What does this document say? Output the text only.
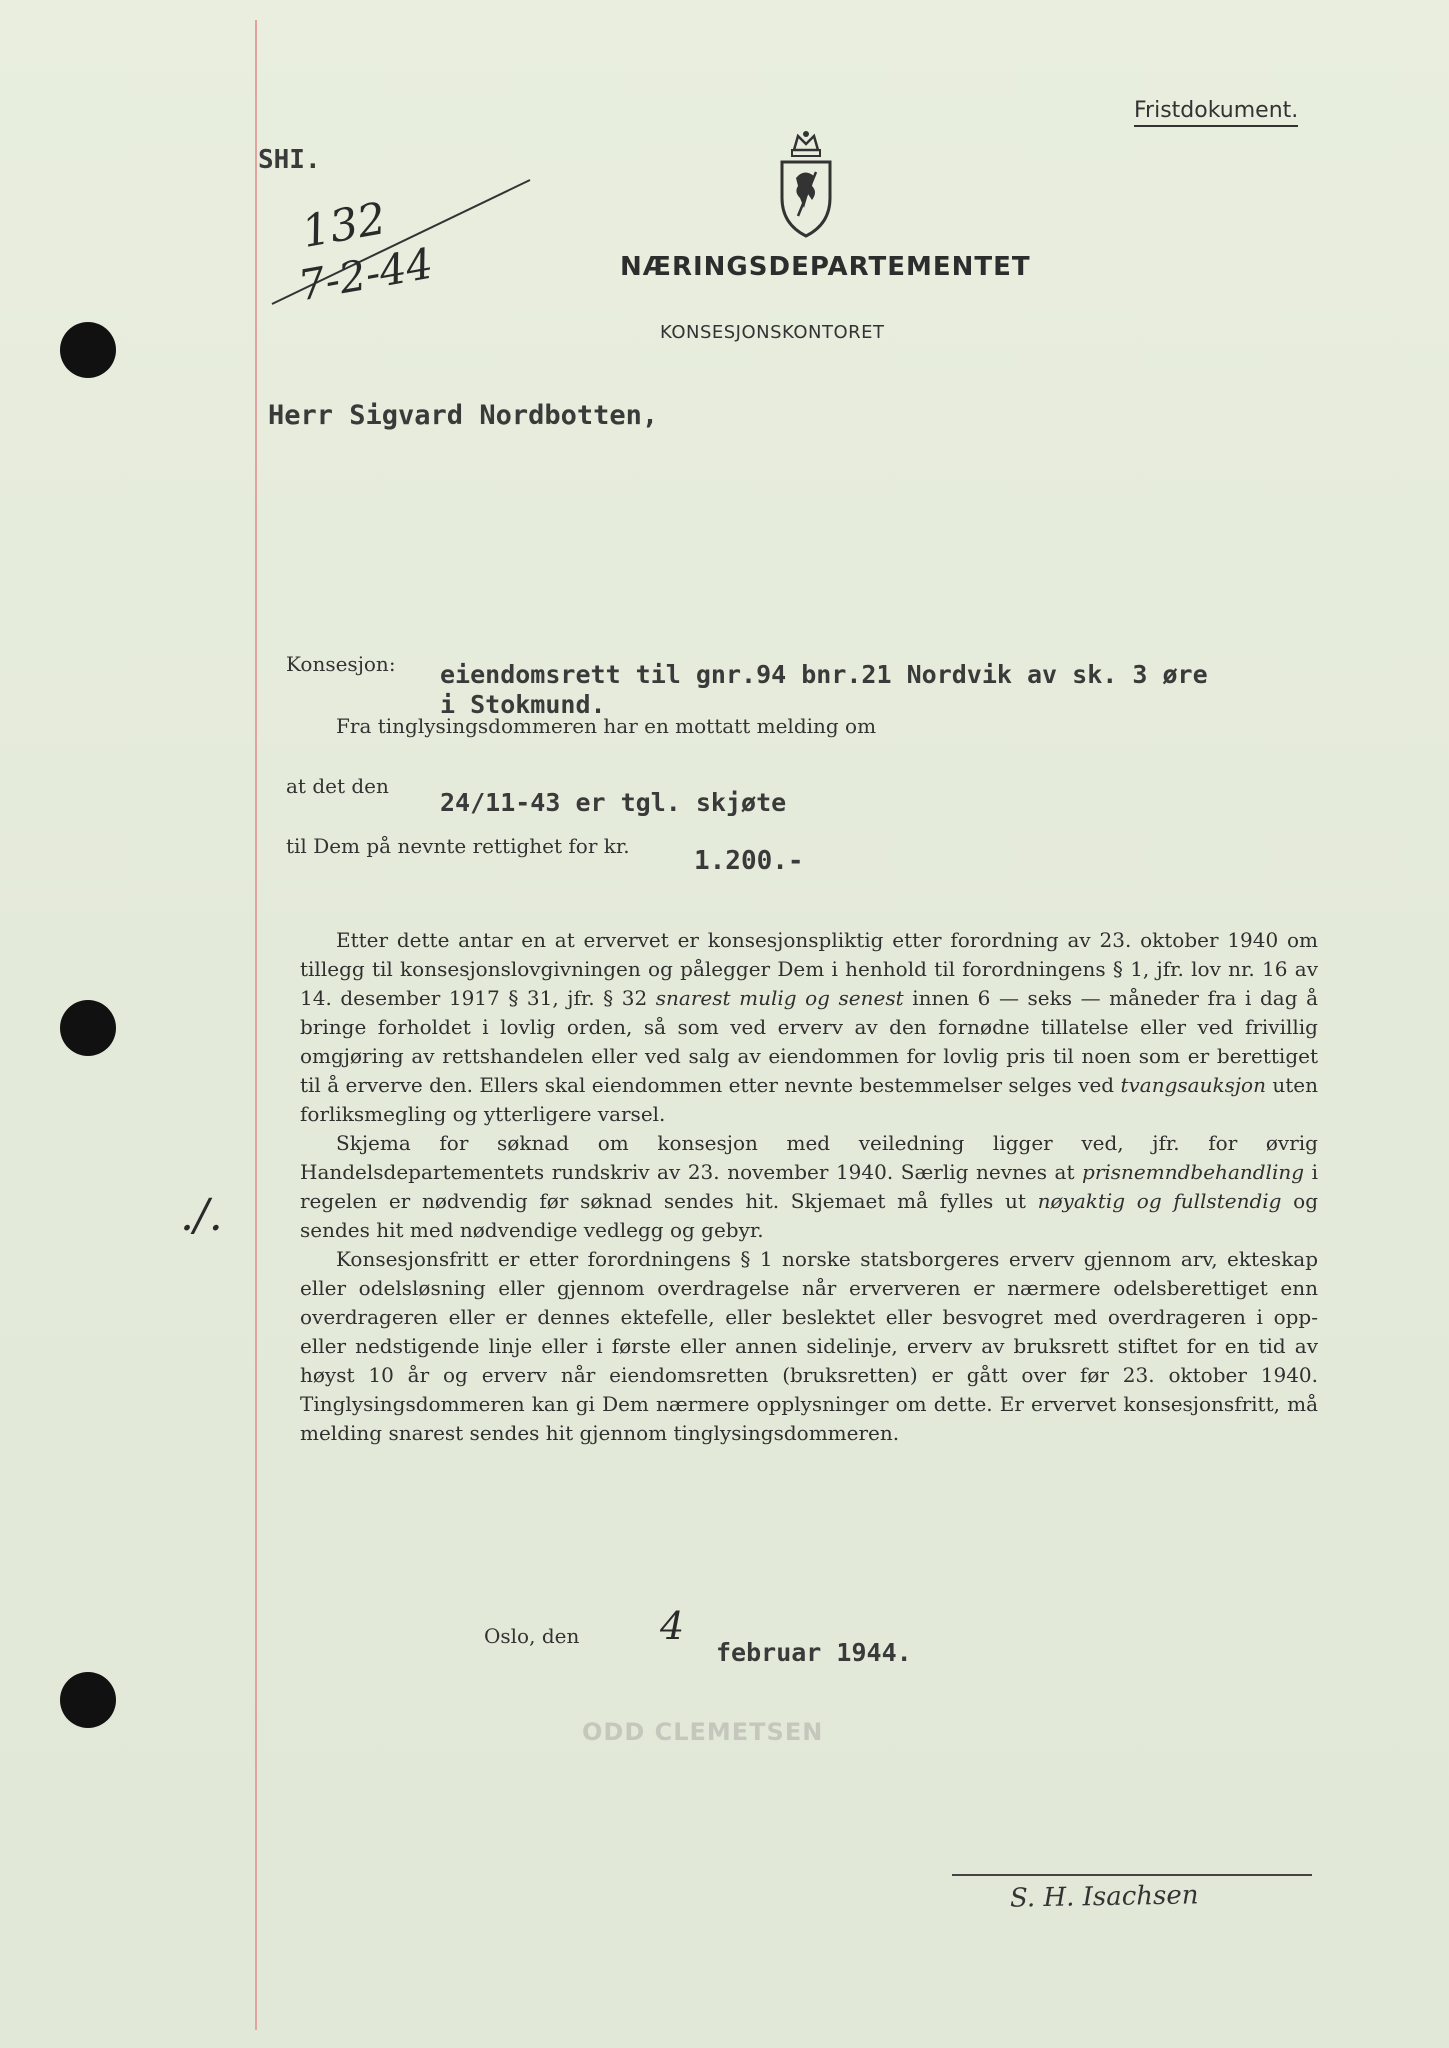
Fristdokument.
SHI.
132
7-2-44	NÆRINGSDEPARTEMENTET
KONSESJONSKONTORET
Herr Sigvard Nordbotten,
Konsesjon: eiendomsrett til gnr.94 bnr.21 Nordvik av sk. 3 øre
i Stokmund.
Fra tinglysingsdommeren har en mottatt melding om
at det den
24/11-43 er tgl. skjøte
til Dem på nevnte rettighet for kr. 1.200.-

Etter dette antar en at ervervet er konsesjonspliktig etter forordning av 23. oktober 1940 om tillegg til konsesjonslovgivningen og pålegger Dem i henhold til forordningens § 1, jfr. lov nr. 16 av 14. desember 1917 § 31, jfr. § 32 snarest mulig og senest innen 6 — seks — måneder fra i dag å bringe forholdet i lovlig orden, så som ved erverv av den fornødne tillatelse eller ved frivillig omgjøring av rettshandelen eller ved salg av eiendommen for lovlig pris til noen som er berettiget til å erverve den. Ellers skal eiendommen etter nevnte bestemmelser selges ved tvangsauksjon uten forliksmegling og ytterligere varsel.

Skjema for søknad om konsesjon med veiledning ligger ved, jfr. for øvrig Handelsdepartementets rundskriv av 23. november 1940. Særlig nevnes at prisnemndbehandling i regelen er nødvendig før søknad sendes hit. Skjemaet må fylles ut nøyaktig og fullstendig og sendes hit med nødvendige vedlegg og gebyr.

Konsesjonsfritt er etter forordningens § 1 norske statsborgeres erverv gjennom arv, ekteskap eller odelsløsning eller gjennom overdragelse når erververen er nærmere odelsberettiget enn overdrageren eller er dennes ektefelle, eller beslektet eller besvogret med overdrageren i opp- eller nedstigende linje eller i første eller annen sidelinje, erverv av bruksrett stiftet for en tid av høyst 10 år og erverv når eiendomsretten (bruksretten) er gått over før 23. oktober 1940. Tinglysingsdommeren kan gi Dem nærmere opplysninger om dette. Er ervervet konsesjonsfritt, må melding snarest sendes hit gjennom tinglysingsdommeren.

./.
Oslo, den 4
februar 1944.
ODD CLEMETSEN
S. H. Isachsen
